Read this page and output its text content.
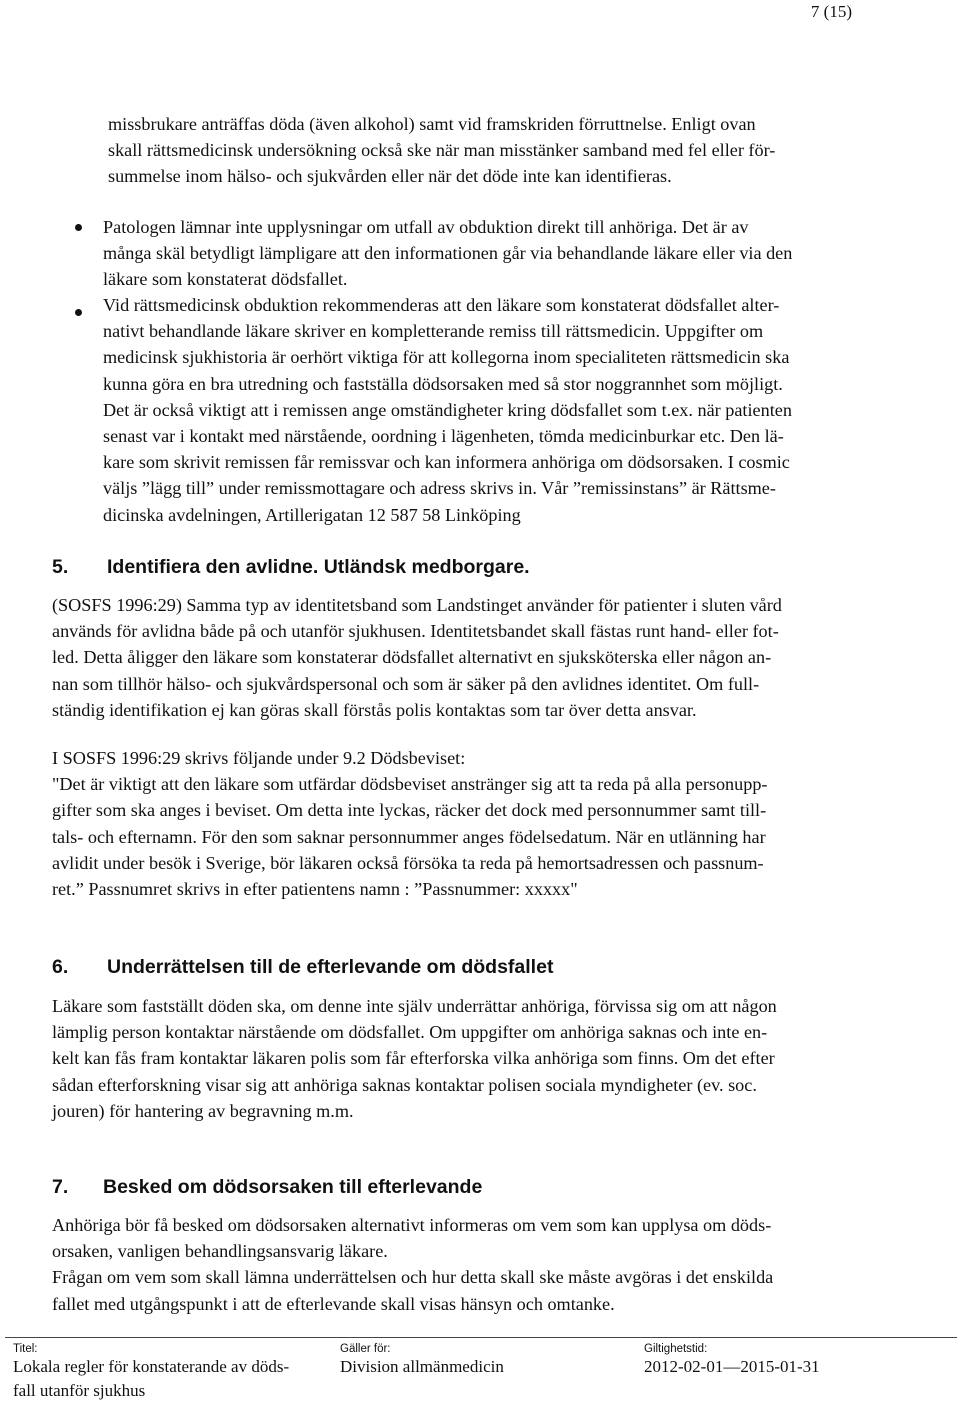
7 (15)
missbrukare anträffas döda (även alkohol) samt vid framskriden förruttnelse. Enligt ovan
skall rättsmedicinsk undersökning också ske när man misstänker samband med fel eller för-
summelse inom hälso- och sjukvården eller när det döde inte kan identifieras.
Patologen lämnar inte upplysningar om utfall av obduktion direkt till anhöriga. Det är av
många skäl betydligt lämpligare att den informationen går via behandlande läkare eller via den
läkare som konstaterat dödsfallet.
Vid rättsmedicinsk obduktion rekommenderas att den läkare som konstaterat dödsfallet alter-
nativt behandlande läkare skriver en kompletterande remiss till rättsmedicin. Uppgifter om
medicinsk sjukhistoria är oerhört viktiga för att kollegorna inom specialiteten rättsmedicin ska
kunna göra en bra utredning och fastställa dödsorsaken med så stor noggrannhet som möjligt.
Det är också viktigt att i remissen ange omständigheter kring dödsfallet som t.ex. när patienten
senast var i kontakt med närstående, oordning i lägenheten, tömda medicinburkar etc. Den lä-
kare som skrivit remissen får remissvar och kan informera anhöriga om dödsorsaken. I cosmic
väljs ”lägg till” under remissmottagare och adress skrivs in. Vår ”remissinstans” är Rättsme-
dicinska avdelningen, Artillerigatan 12 587 58 Linköping
5. Identifiera den avlidne. Utländsk medborgare.
(SOSFS 1996:29) Samma typ av identitetsband som Landstinget använder för patienter i sluten vård
används för avlidna både på och utanför sjukhusen. Identitetsbandet skall fästas runt hand- eller fot-
led. Detta åligger den läkare som konstaterar dödsfallet alternativt en sjuksköterska eller någon an-
nan som tillhör hälso- och sjukvårdspersonal och som är säker på den avlidnes identitet. Om full-
ständig identifikation ej kan göras skall förstås polis kontaktas som tar över detta ansvar.
I SOSFS 1996:29 skrivs följande under 9.2 Dödsbeviset:
"Det är viktigt att den läkare som utfärdar dödsbeviset anstränger sig att ta reda på alla personupp-
gifter som ska anges i beviset. Om detta inte lyckas, räcker det dock med personnummer samt till-
tals- och efternamn. För den som saknar personnummer anges födelsedatum. När en utlänning har
avlidit under besök i Sverige, bör läkaren också försöka ta reda på hemortsadressen och passnum-
ret.” Passnumret skrivs in efter patientens namn : ”Passnummer: xxxxx"
6. Underrättelsen till de efterlevande om dödsfallet
Läkare som fastställt döden ska, om denne inte själv underrättar anhöriga, förvissa sig om att någon
lämplig person kontaktar närstående om dödsfallet. Om uppgifter om anhöriga saknas och inte en-
kelt kan fås fram kontaktar läkaren polis som får efterforska vilka anhöriga som finns. Om det efter
sådan efterforskning visar sig att anhöriga saknas kontaktar polisen sociala myndigheter (ev. soc.
jouren) för hantering av begravning m.m.
7. Besked om dödsorsaken till efterlevande
Anhöriga bör få besked om dödsorsaken alternativt informeras om vem som kan upplysa om döds-
orsaken, vanligen behandlingsansvarig läkare.
Frågan om vem som skall lämna underrättelsen och hur detta skall ske måste avgöras i det enskilda
fallet med utgångspunkt i att de efterlevande skall visas hänsyn och omtanke.
Titel:
Lokala regler för konstaterande av döds-
fall utanför sjukhus
Gäller för:
Division allmänmedicin
Giltighetstid:
2012-02-01––2015-01-31
